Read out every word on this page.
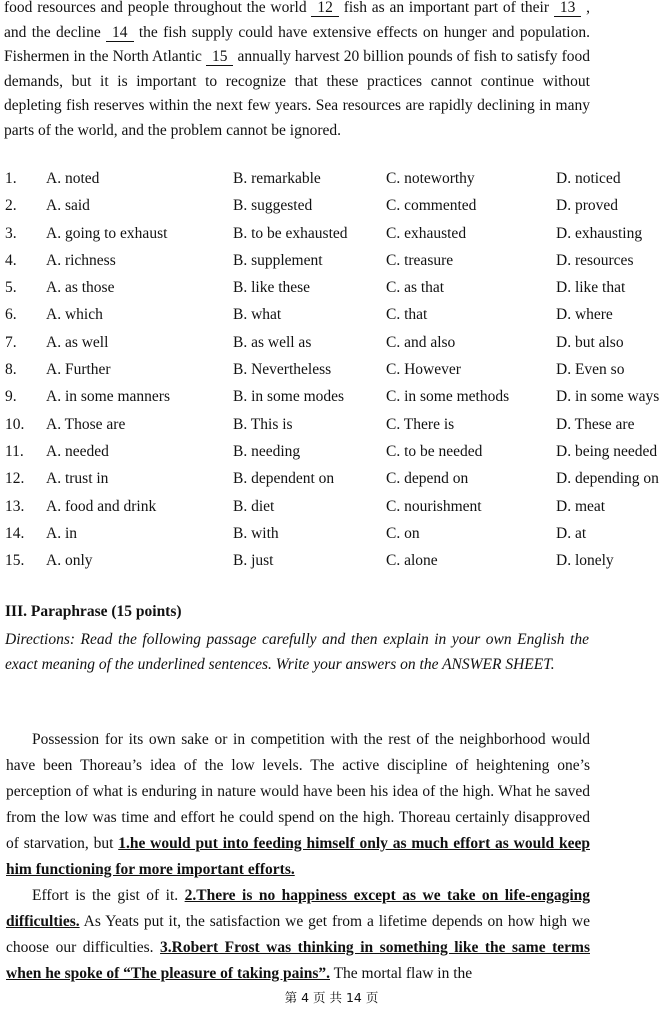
food resources and people throughout the world 12 fish as an important part of their 13 , and the decline 14 the fish supply could have extensive effects on hunger and population. Fishermen in the North Atlantic 15 annually harvest 20 billion pounds of fish to satisfy food demands, but it is important to recognize that these practices cannot continue without depleting fish reserves within the next few years. Sea resources are rapidly declining in many parts of the world, and the problem cannot be ignored.
1. A. noted	B. remarkable	C. noteworthy	D. noticed
2. A. said	B. suggested	C. commented	D. proved
3. A. going to exhaust	B. to be exhausted C. exhausted	D. exhausting
4. A. richness	B. supplement	C. treasure	D. resources
5. A. as those	B. like these	C. as that	D. like that
6. A. which	B. what	C. that	D. where
7. A. as well	B. as well as	C. and also	D. but also
8. A. Further	B. Nevertheless	C. However	D. Even so
9. A. in some manners	B. in some modes	C. in some methods	D. in some ways
10. A. Those are	B. This is	C. There is	D. These are
11. A. needed	B. needing	C. to be needed	D. being needed
12. A. trust in	B. dependent on	C. depend on	D. depending on
13. A. food and drink	B. diet	C. nourishment	D. meat
14. A. in	B. with	C. on	D. at
15. A. only	B. just	C. alone	D. lonely
III. Paraphrase (15 points)
Directions: Read the following passage carefully and then explain in your own English the exact meaning of the underlined sentences. Write your answers on the ANSWER SHEET.

Possession for its own sake or in competition with the rest of the neighborhood would have been Thoreau’s idea of the low levels. The active discipline of heightening one’s perception of what is enduring in nature would have been his idea of the high. What he saved from the low was time and effort he could spend on the high. Thoreau certainly disapproved of starvation, but 1.he would put into feeding himself only as much effort as would keep him functioning for more important efforts.

Effort is the gist of it. 2.There is no happiness except as we take on life-engaging difficulties. As Yeats put it, the satisfaction we get from a lifetime depends on how high we choose our difficulties. 3.Robert Frost was thinking in something like the same terms when he spoke of “The pleasure of taking pains”. The mortal flaw in the

第 4 页 共 14 页
